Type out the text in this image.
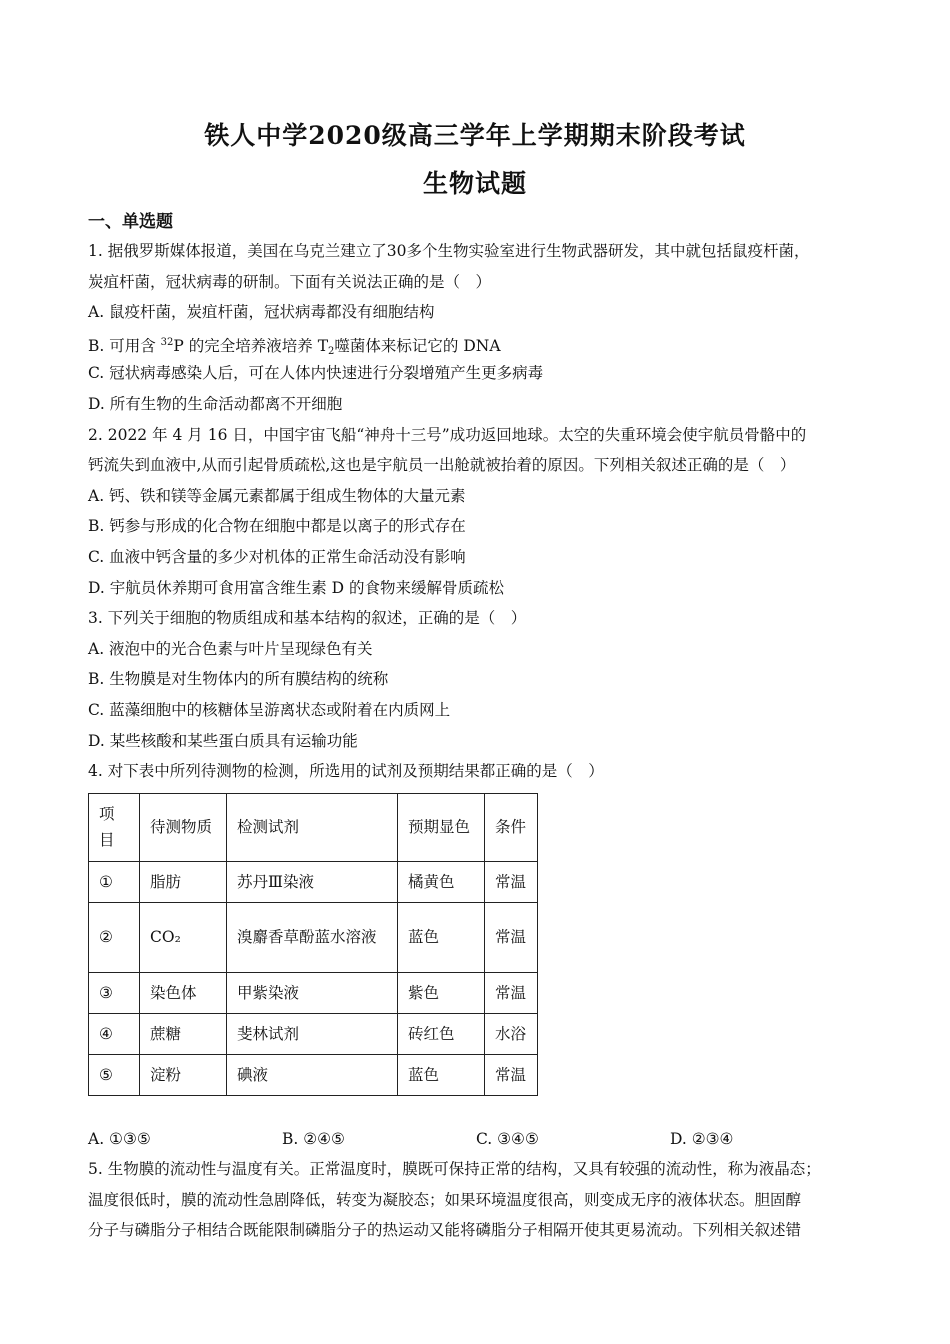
铁人中学2020级高三学年上学期期末阶段考试
生物试题
一、单选题
1. 据俄罗斯媒体报道，美国在乌克兰建立了30多个生物实验室进行生物武器研发，其中就包括鼠疫杆菌，
炭疽杆菌，冠状病毒的研制。下面有关说法正确的是（　）
A. 鼠疫杆菌，炭疽杆菌，冠状病毒都没有细胞结构
B. 可用含 $^{32}$P 的完全培养液培养 $T_2$噬菌体来标记它的 DNA
C. 冠状病毒感染人后，可在人体内快速进行分裂增殖产生更多病毒
D. 所有生物的生命活动都离不开细胞
2. 2022 年 4 月 16 日，中国宇宙飞船“神舟十三号”成功返回地球。太空的失重环境会使宇航员骨骼中的
钙流失到血液中,从而引起骨质疏松,这也是宇航员一出舱就被抬着的原因。下列相关叙述正确的是（　）
A. 钙、铁和镁等金属元素都属于组成生物体的大量元素
B. 钙参与形成的化合物在细胞中都是以离子的形式存在
C. 血液中钙含量的多少对机体的正常生命活动没有影响
D. 宇航员休养期可食用富含维生素 D 的食物来缓解骨质疏松
3. 下列关于细胞的物质组成和基本结构的叙述，正确的是（　）
A. 液泡中的光合色素与叶片呈现绿色有关
B. 生物膜是对生物体内的所有膜结构的统称
C. 蓝藻细胞中的核糖体呈游离状态或附着在内质网上
D. 某些核酸和某些蛋白质具有运输功能
4. 对下表中所列待测物的检测，所选用的试剂及预期结果都正确的是（　）
项目	待测物质	检测试剂	预期显色	条件
①	脂肪	苏丹Ⅲ染液	橘黄色	常温
②	CO₂	溴麝香草酚蓝水溶液	蓝色	常温
③	染色体	甲紫染液	紫色	常温
④	蔗糖	斐林试剂	砖红色	水浴
⑤	淀粉	碘液	蓝色	常温
A. ①③⑤	B. ②④⑤	C. ③④⑤	D. ②③④
5. 生物膜的流动性与温度有关。正常温度时，膜既可保持正常的结构，又具有较强的流动性，称为液晶态；
温度很低时，膜的流动性急剧降低，转变为凝胶态；如果环境温度很高，则变成无序的液体状态。胆固醇
分子与磷脂分子相结合既能限制磷脂分子的热运动又能将磷脂分子相隔开使其更易流动。下列相关叙述错
